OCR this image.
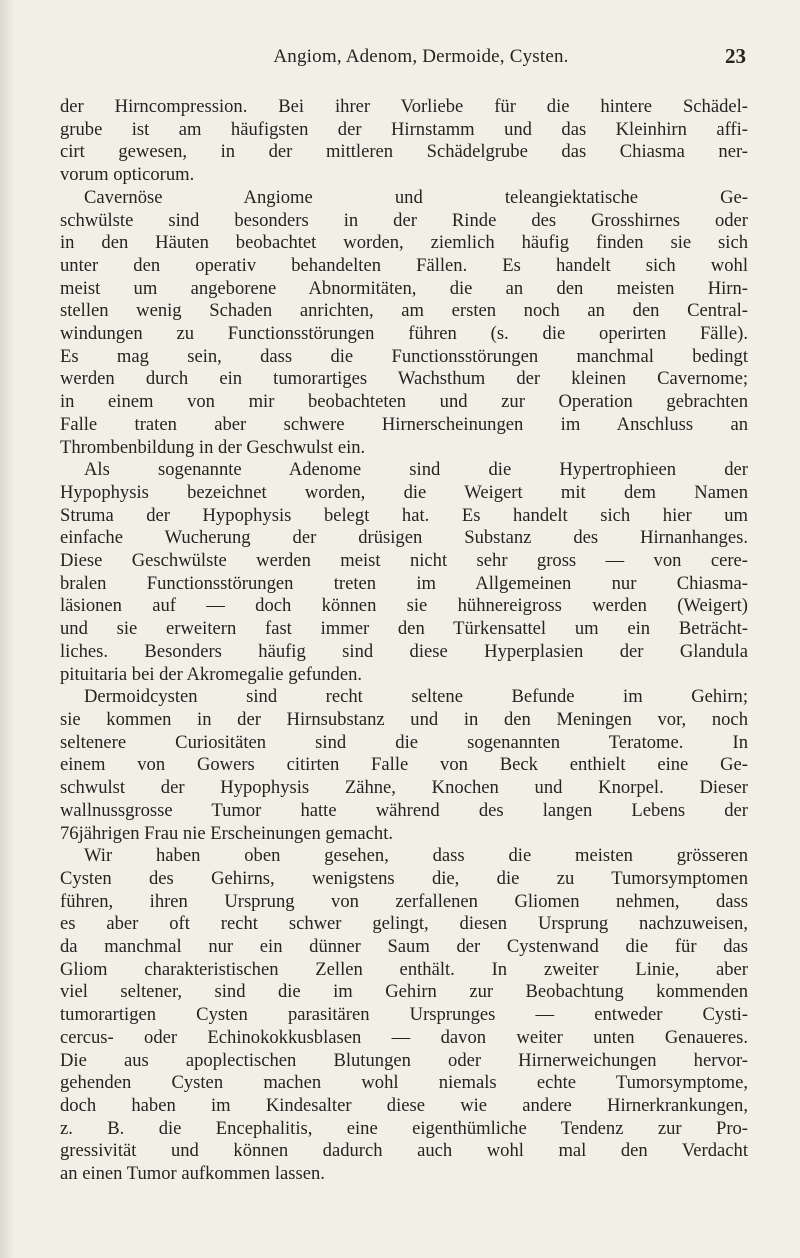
Angiom, Adenom, Dermoide, Cysten.	23
der Hirncompression. Bei ihrer Vorliebe für die hintere Schädel-
grube ist am häufigsten der Hirnstamm und das Kleinhirn affi-
cirt gewesen, in der mittleren Schädelgrube das Chiasma ner-
vorum opticorum.
Cavernöse Angiome und teleangiektatische Ge-
schwülste sind besonders in der Rinde des Grosshirnes oder
in den Häuten beobachtet worden, ziemlich häufig finden sie sich
unter den operativ behandelten Fällen. Es handelt sich wohl
meist um angeborene Abnormitäten, die an den meisten Hirn-
stellen wenig Schaden anrichten, am ersten noch an den Central-
windungen zu Functionsstörungen führen (s. die operirten Fälle).
Es mag sein, dass die Functionsstörungen manchmal bedingt
werden durch ein tumorartiges Wachsthum der kleinen Cavernome;
in einem von mir beobachteten und zur Operation gebrachten
Falle traten aber schwere Hirnerscheinungen im Anschluss an
Thrombenbildung in der Geschwulst ein.
Als sogenannte Adenome sind die Hypertrophieen der
Hypophysis bezeichnet worden, die Weigert mit dem Namen
Struma der Hypophysis belegt hat. Es handelt sich hier um
einfache Wucherung der drüsigen Substanz des Hirnanhanges.
Diese Geschwülste werden meist nicht sehr gross — von cere-
bralen Functionsstörungen treten im Allgemeinen nur Chiasma-
läsionen auf — doch können sie hühnereigross werden (Weigert)
und sie erweitern fast immer den Türkensattel um ein Beträcht-
liches. Besonders häufig sind diese Hyperplasien der Glandula
pituitaria bei der Akromegalie gefunden.
Dermoidcysten sind recht seltene Befunde im Gehirn;
sie kommen in der Hirnsubstanz und in den Meningen vor, noch
seltenere Curiositäten sind die sogenannten Teratome. In
einem von Gowers citirten Falle von Beck enthielt eine Ge-
schwulst der Hypophysis Zähne, Knochen und Knorpel. Dieser
wallnussgrosse Tumor hatte während des langen Lebens der
76jährigen Frau nie Erscheinungen gemacht.
Wir haben oben gesehen, dass die meisten grösseren
Cysten des Gehirns, wenigstens die, die zu Tumorsymptomen
führen, ihren Ursprung von zerfallenen Gliomen nehmen, dass
es aber oft recht schwer gelingt, diesen Ursprung nachzuweisen,
da manchmal nur ein dünner Saum der Cystenwand die für das
Gliom charakteristischen Zellen enthält. In zweiter Linie, aber
viel seltener, sind die im Gehirn zur Beobachtung kommenden
tumorartigen Cysten parasitären Ursprunges — entweder Cysti-
cercus- oder Echinokokkusblasen — davon weiter unten Genaueres.
Die aus apoplectischen Blutungen oder Hirnerweichungen hervor-
gehenden Cysten machen wohl niemals echte Tumorsymptome,
doch haben im Kindesalter diese wie andere Hirnerkrankungen,
z. B. die Encephalitis, eine eigenthümliche Tendenz zur Pro-
gressivität und können dadurch auch wohl mal den Verdacht
an einen Tumor aufkommen lassen.
